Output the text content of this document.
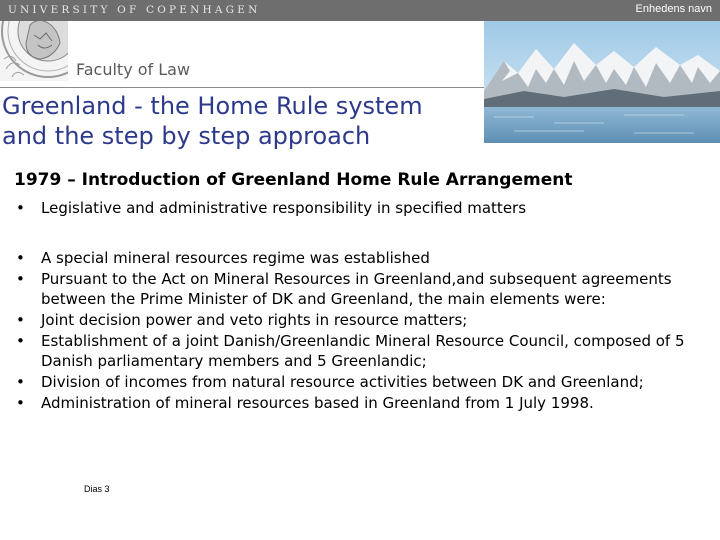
UNIVERSITY OF COPENHAGEN	Enhedens navn
Faculty of Law
Greenland - the Home Rule system
and the step by step approach
1979 – Introduction of Greenland Home Rule Arrangement
• Legislative and administrative responsibility in specified matters
• A special mineral resources regime was established
• Pursuant to the Act on Mineral Resources in Greenland,and subsequent agreements between the Prime Minister of DK and Greenland, the main elements were:
• Joint decision power and veto rights in resource matters;
• Establishment of a joint Danish/Greenlandic Mineral Resource Council, composed of 5 Danish parliamentary members and 5 Greenlandic;
• Division of incomes from natural resource activities between DK and Greenland;
• Administration of mineral resources based in Greenland from 1 July 1998.
Dias 3
